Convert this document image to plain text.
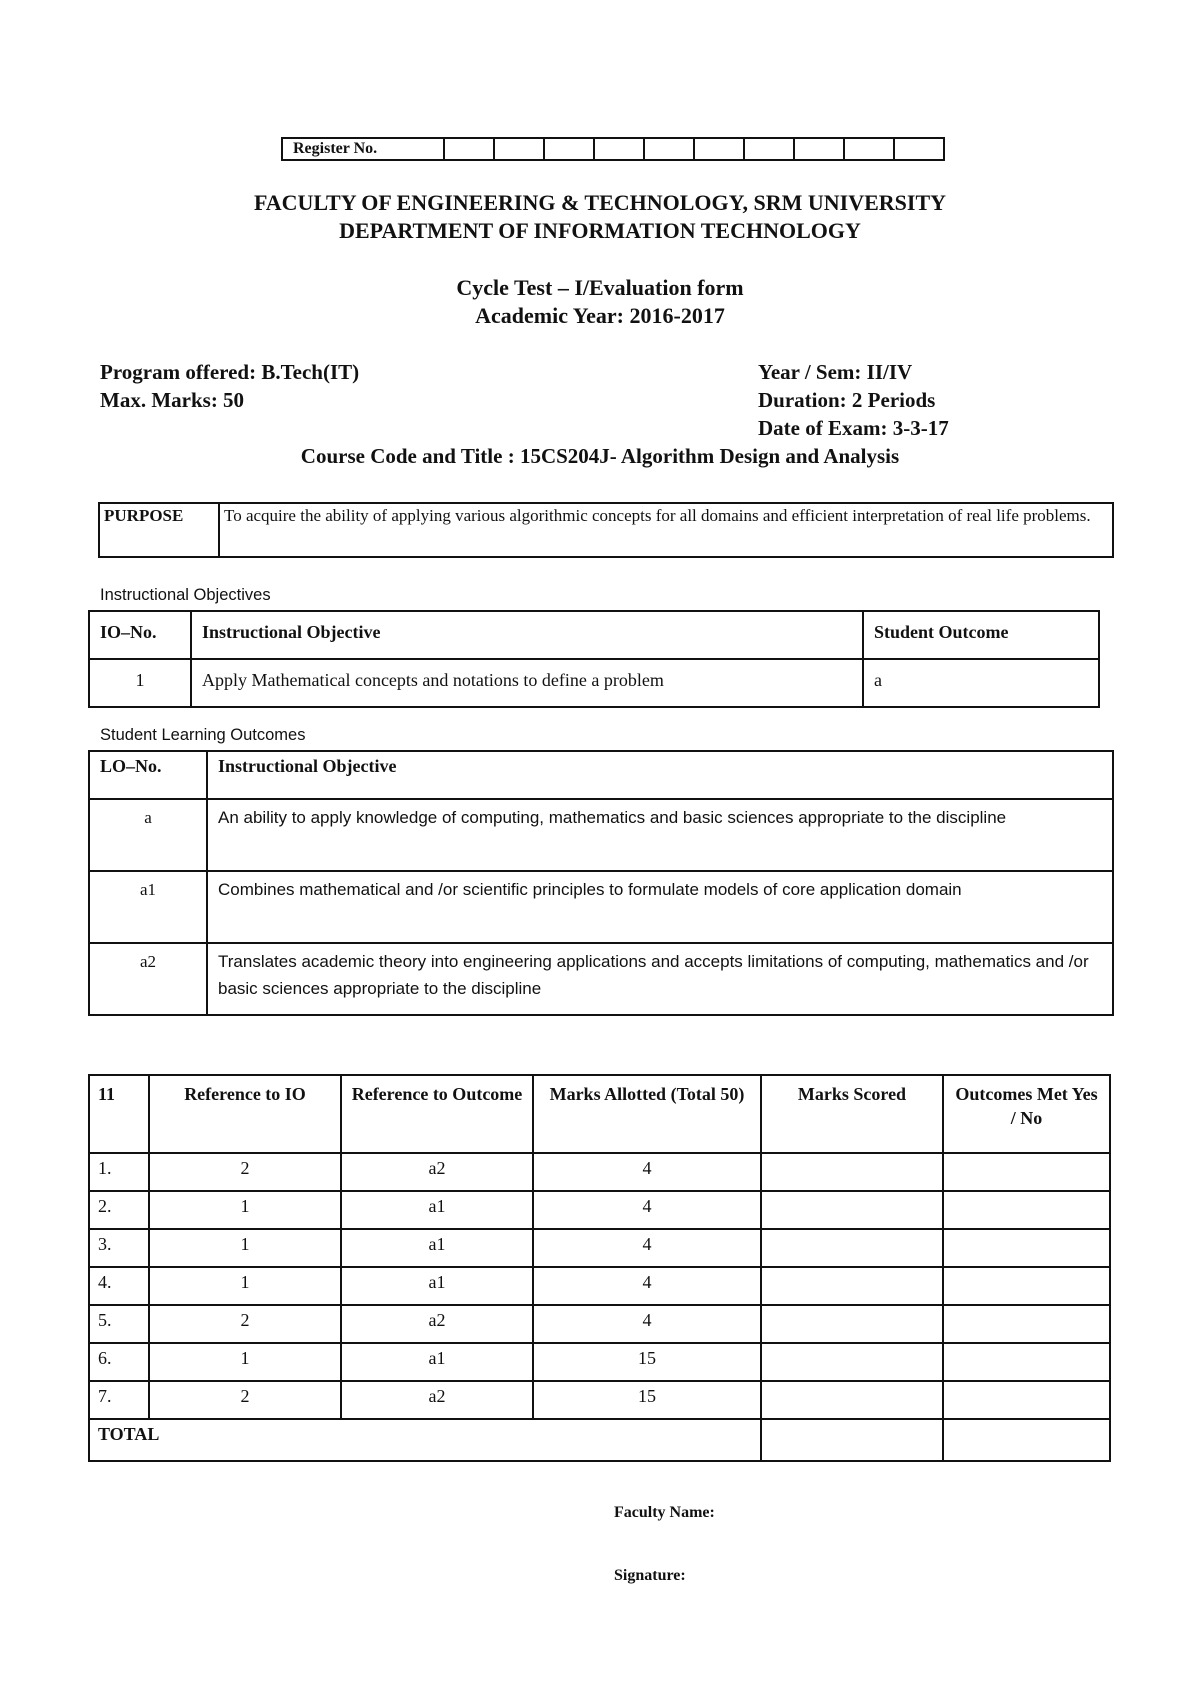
Register No.										
FACULTY OF ENGINEERING & TECHNOLOGY, SRM UNIVERSITY
DEPARTMENT OF INFORMATION TECHNOLOGY
Cycle Test – I/Evaluation form
Academic Year: 2016-2017
Program offered: B.Tech(IT)
Max. Marks: 50
Year / Sem: II/IV
Duration: 2 Periods
Date of Exam: 3-3-17
Course Code and Title : 15CS204J- Algorithm Design and Analysis
PURPOSE	To acquire the ability of applying various algorithmic concepts for all domains and efficient interpretation of real life problems.
Instructional Objectives
IO–No.	Instructional Objective	Student Outcome
1	Apply Mathematical concepts and notations to define a problem	a
Student Learning Outcomes
LO–No.	Instructional Objective
a	An ability to apply knowledge of computing, mathematics and basic sciences appropriate to the discipline
a1	Combines mathematical and /or scientific principles to formulate models of core application domain
a2	Translates academic theory into engineering applications and accepts limitations of computing, mathematics and /or basic sciences appropriate to the discipline
11	Reference to IO	Reference to Outcome	Marks Allotted (Total 50)	Marks Scored	Outcomes Met Yes / No
1.	2	a2	4		
2.	1	a1	4		
3.	1	a1	4		
4.	1	a1	4		
5.	2	a2	4		
6.	1	a1	15		
7.	2	a2	15		
TOTAL					
Faculty Name:
Signature:
